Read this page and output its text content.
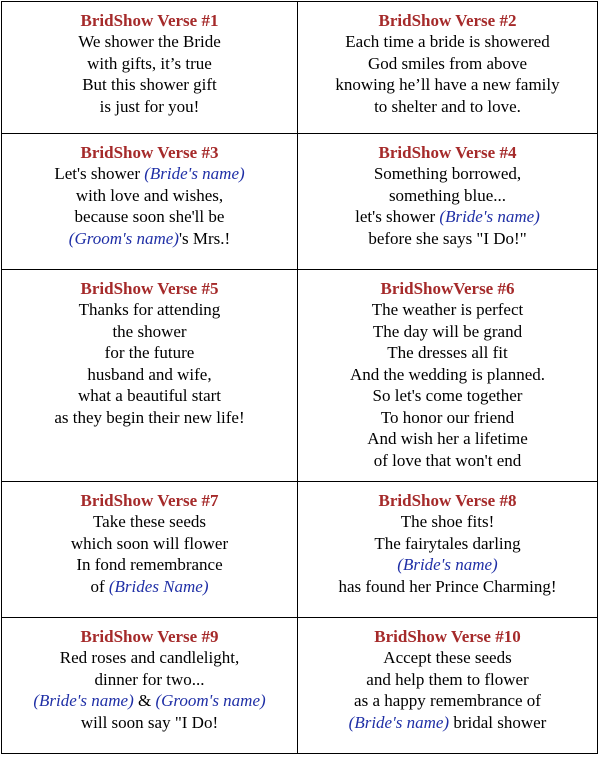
BridShow Verse #1

We shower the Bride

with gifts, it’s true

But this shower gift

is just for you!

BridShow Verse #2

Each time a bride is showered

God smiles from above

knowing he’ll have a new family

to shelter and to love.

BridShow Verse #3

Let's shower (Bride's name)

with love and wishes,

because soon she'll be

(Groom's name)'s Mrs.!

BridShow Verse #4

Something borrowed,

something blue...

let's shower (Bride's name)

before she says "I Do!"

BridShow Verse #5

Thanks for attending

the shower

for the future

husband and wife,

what a beautiful start

as they begin their new life!

BridShowVerse #6

The weather is perfect

The day will be grand

The dresses all fit

And the wedding is planned.

So let's come together

To honor our friend

And wish her a lifetime

of love that won't end

BridShow Verse #7

Take these seeds

which soon will flower

In fond remembrance

of (Brides Name)

BridShow Verse #8

The shoe fits!

The fairytales darling

(Bride's name)

has found her Prince Charming!

BridShow Verse #9

Red roses and candlelight,

dinner for two...

(Bride's name) & (Groom's name)

will soon say "I Do!

BridShow Verse #10

Accept these seeds

and help them to flower

as a happy remembrance of

(Bride's name) bridal shower
